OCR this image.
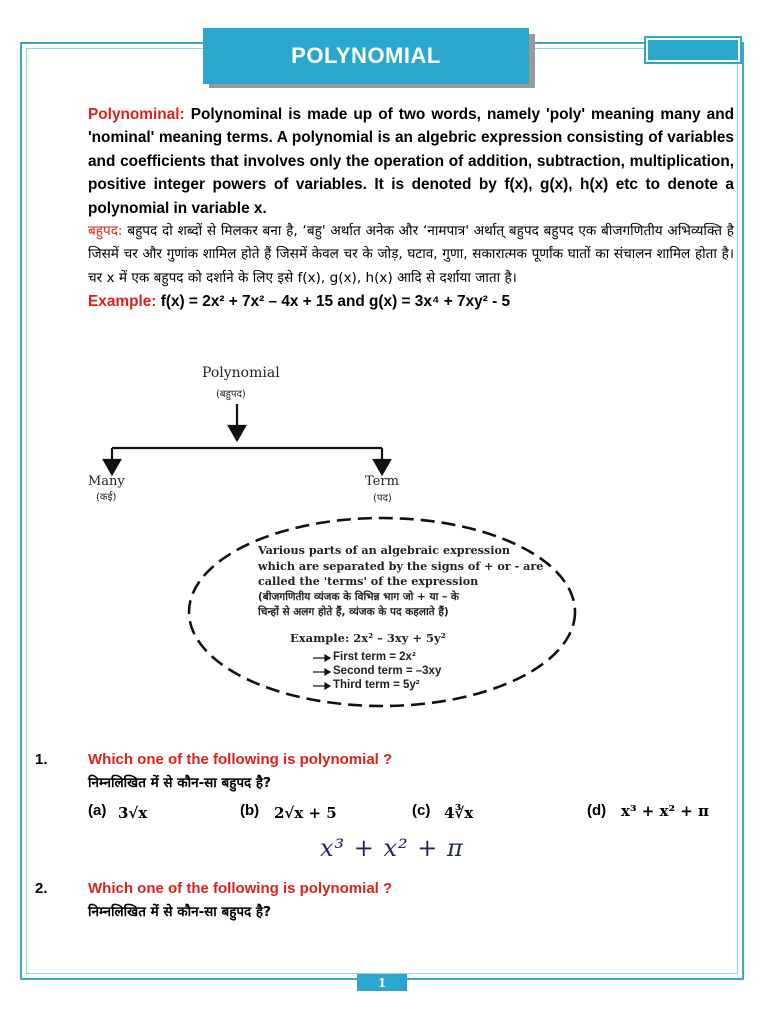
POLYNOMIAL

Polynominal: Polynominal is made up of two words, namely 'poly' meaning many and 'nominal' meaning terms. A polynomial is an algebric expression consisting of variables and coefficients that involves only the operation of addition, subtraction, multiplication, positive integer powers of variables. It is denoted by f(x), g(x), h(x) etc to denote a polynomial in variable x.

बहुपद: बहुपद दो शब्दों से मिलकर बना है, ‘बहु' अर्थात अनेक और ‘नामपात्र' अर्थात् बहुपद बहुपद एक बीजगणितीय अभिव्यक्ति है जिसमें चर और गुणांक शामिल होते हैं जिसमें केवल चर के जोड़, घटाव, गुणा, सकारात्मक पूर्णांक घातों का संचालन शामिल होता है। चर x में एक बहुपद को दर्शाने के लिए इसे f(x), g(x), h(x) आदि से दर्शाया जाता है।

Example: f(x) = 2x² + 7x² – 4x + 15 and g(x) = 3x⁴ + 7xy² - 5

Polynomial
(बहुपद)
Many
(कई)
Term
(पद)
Various parts of an algebraic expression
which are separated by the signs of + or - are
called the 'terms' of the expression
(बीजगणितीय व्यंजक के विभिन्न भाग जो + या – के
चिन्हों से अलग होते हैं, व्यंजक के पद कहलाते हैं)
Example: 2x² – 3xy + 5y²
First term = 2x²
Second term = –3xy
Third term = 5y²
1.	Which one of the following is polynomial ?
निम्नलिखित में से कौन-सा बहुपद है?
(a) 3√x	(b) 2√x + 5	(c) 4∛x	(d) x³ + x² + π
x³ + x² + π
2.	Which one of the following is polynomial ?
निम्नलिखित में से कौन-सा बहुपद है?
1
